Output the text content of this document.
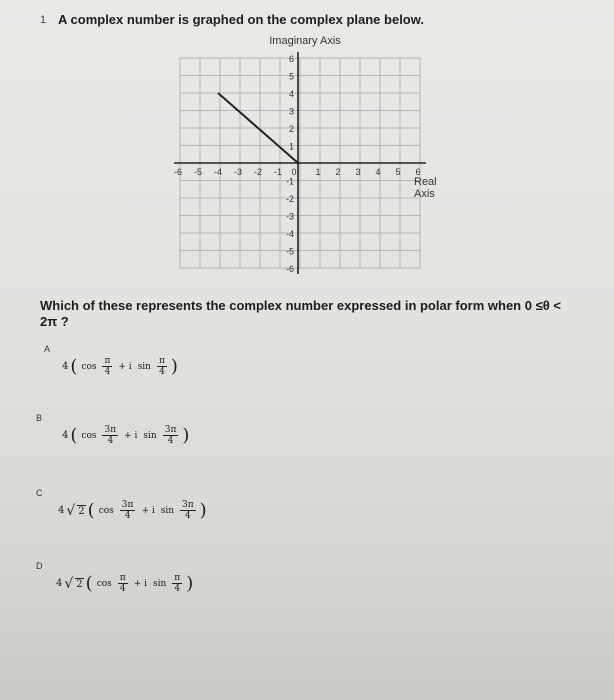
1 A complex number is graphed on the complex plane below.
-6 -5 -4 -3 -2 -1 0 1 2 3 4 5 6
6
5
4
3
2
1
-1
-2
-3
-4
-5
-6
Imaginary Axis
Real
Axis
Which of these represents the complex number expressed in polar form when 0 ≤θ < 2π ?
A
4 ( $\cos \frac{\pi}{4} + i$ $\sin \frac{\pi}{4}$ )
B
4 ( $\cos \frac{3\pi}{4} + i$ $\sin \frac{3\pi}{4}$ )
C
4 √ 2 ( $\cos \frac{3\pi}{4} + i$ $\sin \frac{3\pi}{4}$ )
D
4 √ 2 ( $\cos \frac{\pi}{4} + i$ $\sin \frac{\pi}{4}$ )
